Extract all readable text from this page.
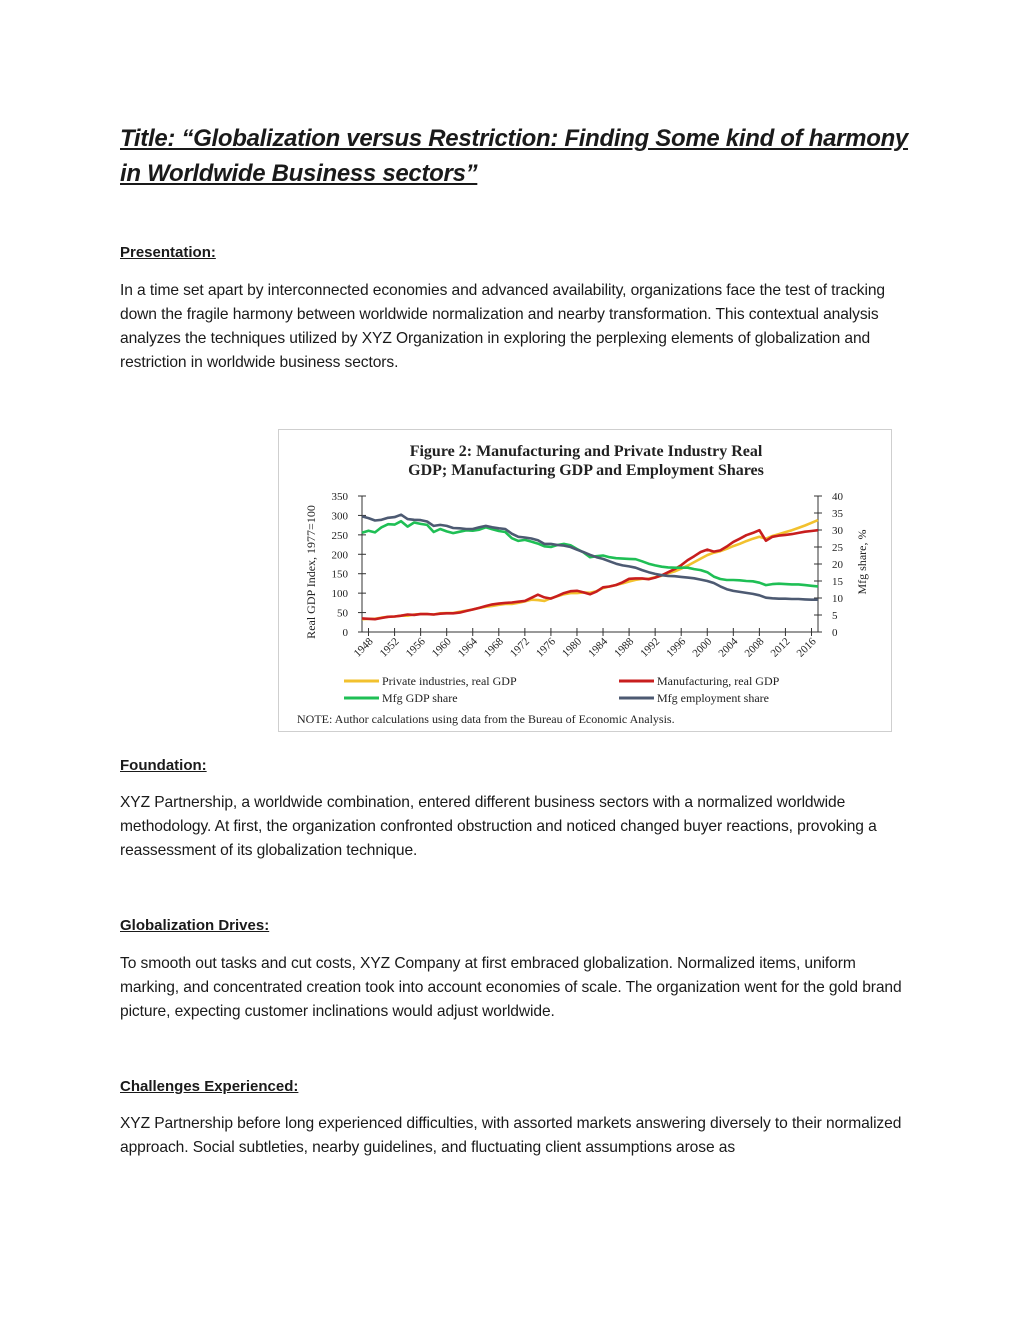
Title: “Globalization versus Restriction: Finding Some kind of harmony in Worldwide Business sectors”
Presentation:

In a time set apart by interconnected economies and advanced availability, organizations face the test of tracking down the fragile harmony between worldwide normalization and nearby transformation. This contextual analysis analyzes the techniques utilized by XYZ Organization in exploring the perplexing elements of globalization and restriction in worldwide business sectors.

Figure 2: Manufacturing and Private Industry Real
GDP; Manufacturing GDP and Employment Shares
Real GDP Index, 1977=100	Mfg share, %
0
50
100
150
200
250
300
350
0
5
10
15
20
25
30
35
40
1948 1952 1956 1960 1964 1968 1972 1976 1980 1984 1988 1992 1996 2000 2004 2008 2012 2016
Private industries, real GDP	Manufacturing, real GDP
Mfg GDP share	Mfg employment share
NOTE: Author calculations using data from the Bureau of Economic Analysis.
Foundation:

XYZ Partnership, a worldwide combination, entered different business sectors with a normalized worldwide methodology. At first, the organization confronted obstruction and noticed changed buyer reactions, provoking a reassessment of its globalization technique.

Globalization Drives:

To smooth out tasks and cut costs, XYZ Company at first embraced globalization. Normalized items, uniform marking, and concentrated creation took into account economies of scale. The organization went for the gold brand picture, expecting customer inclinations would adjust worldwide.

Challenges Experienced:

XYZ Partnership before long experienced difficulties, with assorted markets answering diversely to their normalized approach. Social subtleties, nearby guidelines, and fluctuating client assumptions arose as
